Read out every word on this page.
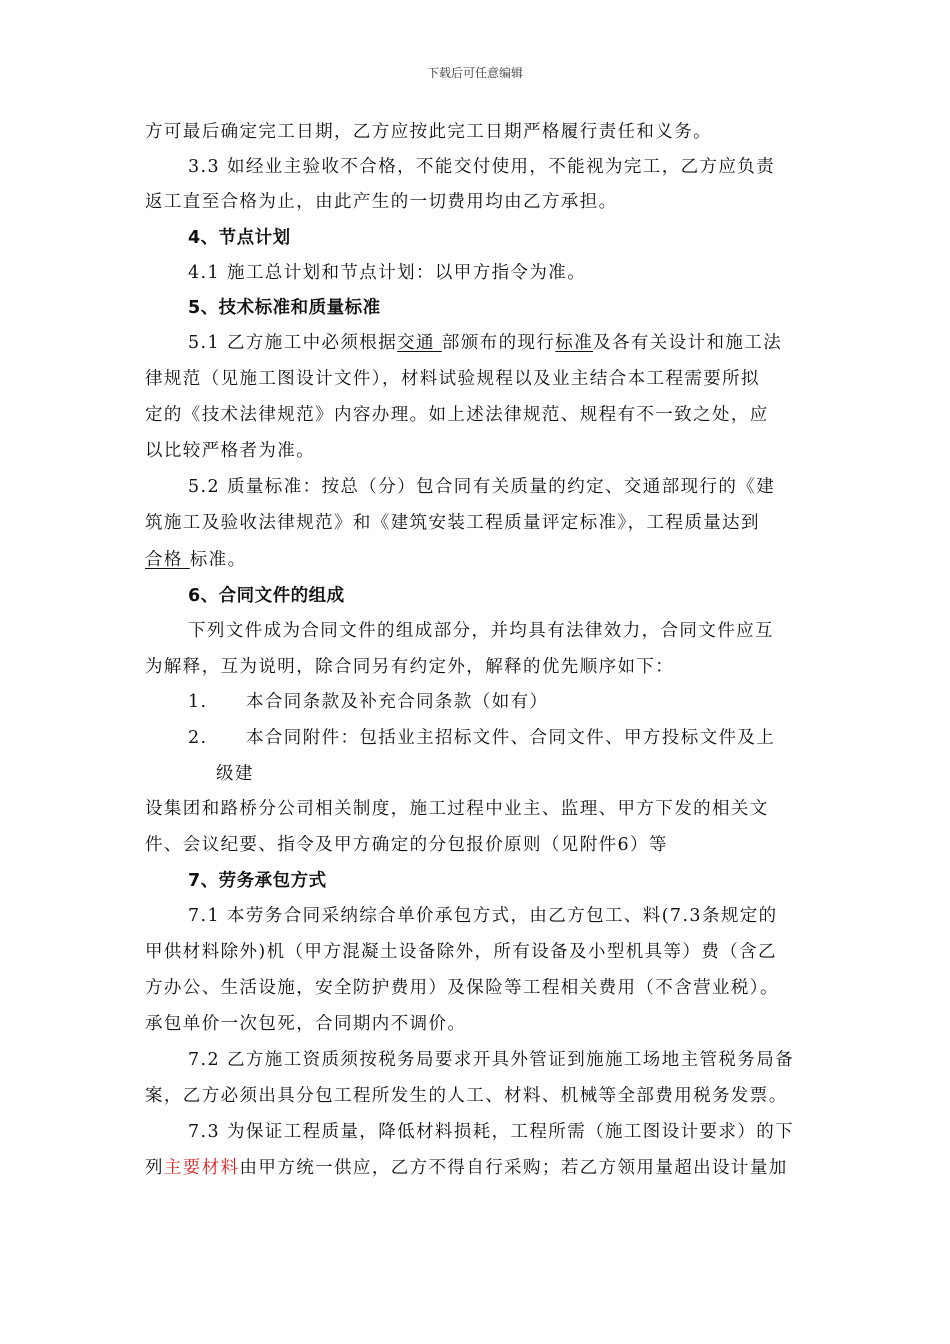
下载后可任意编辑
方可最后确定完工日期，乙方应按此完工日期严格履行责任和义务。
3.3 如经业主验收不合格，不能交付使用，不能视为完工，乙方应负责
返工直至合格为止，由此产生的一切费用均由乙方承担。
4、节点计划
4.1 施工总计划和节点计划：以甲方指令为准。
5、技术标准和质量标准
5.1 乙方施工中必须根据交通 部颁布的现行标准及各有关设计和施工法
律规范（见施工图设计文件），材料试验规程以及业主结合本工程需要所拟
定的《技术法律规范》内容办理。如上述法律规范、规程有不一致之处，应
以比较严格者为准。
5.2 质量标准：按总（分）包合同有关质量的约定、交通部现行的《建
筑施工及验收法律规范》和《建筑安装工程质量评定标准》，工程质量达到
合格 标准。
6、合同文件的组成
下列文件成为合同文件的组成部分，并均具有法律效力，合同文件应互
为解释，互为说明，除合同另有约定外，解释的优先顺序如下：
1. 本合同条款及补充合同条款（如有）
2. 本合同附件：包括业主招标文件、合同文件、甲方投标文件及上
级建
设集团和路桥分公司相关制度，施工过程中业主、监理、甲方下发的相关文
件、会议纪要、指令及甲方确定的分包报价原则（见附件6）等
7、劳务承包方式
7.1 本劳务合同采纳综合单价承包方式，由乙方包工、料(7.3条规定的
甲供材料除外)机（甲方混凝土设备除外，所有设备及小型机具等）费（含乙
方办公、生活设施，安全防护费用）及保险等工程相关费用（不含营业税）。
承包单价一次包死，合同期内不调价。
7.2 乙方施工资质须按税务局要求开具外管证到施施工场地主管税务局备
案，乙方必须出具分包工程所发生的人工、材料、机械等全部费用税务发票。
7.3 为保证工程质量，降低材料损耗，工程所需（施工图设计要求）的下
列主要材料由甲方统一供应，乙方不得自行采购；若乙方领用量超出设计量加
